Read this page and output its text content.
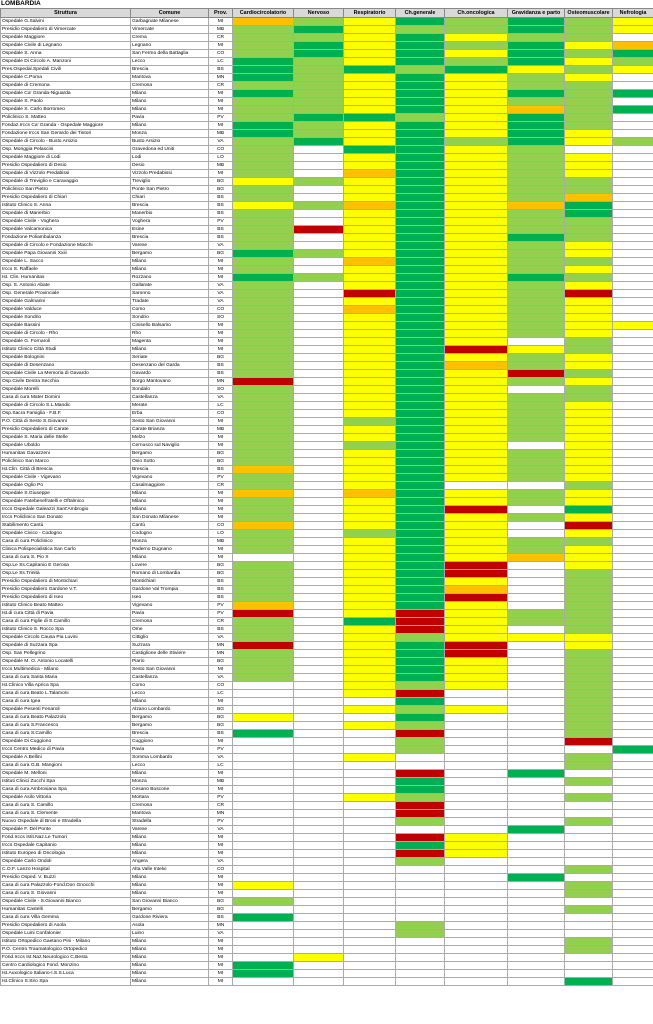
LOMBARDIA
Struttura	Comune	Prov.	Cardiocircolatorio	Nervoso	Respiratorio	Ch.generale	Ch.oncologica	Gravidanza e parto	Osteomuscolare	Nefrologia
Ospedale G.Salvini	Garbagnate Milanese	MI								
Presidio Ospedaliero di Vimercate	Vimercate	MB								
Ospedale Maggiore	Crema	CR								
Ospedale Civile di Legnano	Legnano	MI								
Ospedale S. Anna	San Fermo della Battaglia	CO								
Ospedale Di Circolo A. Manzoni	Lecco	LC								
Pres.Ospedal.Spedali Civili	Brescia	BS								
Ospedale C.Poma	Mantova	MN								
Ospedale di Cremona	Cremona	CR								
Ospedale Ca' Granda-Niguarda	Milano	MI								
Ospedale S. Paolo	Milano	MI								
Ospedale S. Carlo Borromeo	Milano	MI								
Policlinico S. Matteo	Pavia	PV								
Fondaz.Irccs Ca' Granda - Ospedale Maggiore	Milano	MI								
Fondazione Irccs San Gerardo dei Tintori	Monza	MB								
Ospedale di Circolo - Busto Arsizio	Busto Arsizio	VA								
Osp. Moriggia Pelascini	Gravedona ed Uniti	CO								
Ospedale Maggiore di Lodi	Lodi	LO								
Presidio Ospedaliero di Desio	Desio	MB								
Ospedale di Vizzolo Predabissi	Vizzolo Predabissi	MI								
Ospedale di Treviglio e Caravaggio	Treviglio	BG								
Policlinico San Pietro	Ponte San Pietro	BG								
Presidio Ospedaliero di Chiari	Chiari	BS								
Istituto Clinico S. Anna	Brescia	BS								
Ospedale di Manerbio	Manerbio	BS								
Ospedale Civile - Voghera	Voghera	PV								
Ospedale Valcamonica	Esine	BS								
Fondazione Poliambulanza	Brescia	BS								
Ospedale di Circolo e Fondazione Macchi	Varese	VA								
Ospedale Papa Giovanni Xxiii	Bergamo	BG								
Ospedale L. Sacco	Milano	MI								
Irccs S. Raffaele	Milano	MI								
Ist. Clin. Humanitas	Rozzano	MI								
Osp. S. Antonio Abate	Gallarate	VA								
Osp. Generale Provinciale	Saronno	VA								
Ospedale Galmarini	Tradate	VA								
Ospedale Valduce	Como	CO								
Ospedale Sondrio	Sondrio	SO								
Ospedale Bassini	Cinisello Balsamo	MI								
Ospedale di Circolo - Rho	Rho	MI								
Ospedale G. Fornaroli	Magenta	MI								
Istituto Clinico Città Studi	Milano	MI								
Ospedale Bolognini	Seriate	BG								
Ospedale di Desenzano	Desenzano del Garda	BS								
Ospedale Civile La Memoria di Gavardo	Gavardo	BS								
Osp.Civile Destra Secchia	Borgo Mantovano	MN								
Ospedale Morelli	Sondalo	SO								
Casa di cura Mater Domini	Castellanza	VA								
Ospedale di Circolo S.L.Mandic	Merate	LC								
Osp.Sacra Famiglia - F.B.F.	Erba	CO								
P.O. Città di Sesto S.Giovanni	Sesto San Giovanni	MI								
Presidio Ospedaliero di Carate	Carate Brianza	MB								
Ospedale S. Maria delle Stelle	Melzo	MI								
Ospedale Uboldo	Cernusco sul Naviglio	MI								
Humanitas Gavazzeni	Bergamo	BG								
Policlinico San Marco	Osio Sotto	BG								
Ist.Clin. Città di Brescia	Brescia	BS								
Ospedale Civile - Vigevano	Vigevano	PV								
Ospedale Oglio Po	Casalmaggiore	CR								
Ospedale S.Giuseppe	Milano	MI								
Ospedale Fatebenefratelli e Oftalmico	Milano	MI								
Irccs Ospedale Galeazzi Sant'Ambrogio	Milano	MI								
Irccs Policlinico San Donato	San Donato Milanese	MI								
Stabilimento Cantù	Cantù	CO								
Ospedale Civico - Codogno	Codogno	LO								
Casa di cura Policlinico	Monza	MB								
Clinica Polispecialistica San Carlo	Paderno Dugnano	MI								
Casa di cura S. Pio X	Milano	MI								
Osp.Le Ss.Capitanio E Gerosa	Lovere	BG								
Osp.Le Ss.Trinità	Romano di Lombardia	BG								
Presidio Ospedaliero di Montichiari	Montichiari	BS								
Presidio Ospedaliero Gardone V.T.	Gardone Val Trompia	BS								
Presidio Ospedaliero di Iseo	Iseo	BS								
Istituto Clinico Beato Matteo	Vigevano	PV								
Ist.di cura Città di Pavia	Pavia	PV								
Casa di cura Figlie di S.Camillo	Cremona	CR								
Istituto Clinico S. Rocco Spa	Ome	BS								
Ospedale Circolo Causa Pia Luvini	Cittiglio	VA								
Ospedale di Suzzara Spa	Suzzara	MN								
Osp. San Pellegrino	Castiglione delle Stiviere	MN								
Ospedale M. O. Antonio Locatelli	Piario	BG								
Irccs Multimedica - Milano	Sesto San Giovanni	MI								
Casa di cura Santa Maria	Castellanza	VA								
Ist.Clinico Villa Aprica Spa	Como	CO								
Casa di cura Beato L.Talamoni	Lecco	LC								
Casa di cura Igea	Milano	MI								
Ospedale Pesenti Fenaroli	Alzano Lombardo	BG								
Casa di cura Beato Palazzolo	Bergamo	BG								
Casa di cura S.Francesco	Bergamo	BG								
Casa di cura S.Camillo	Brescia	BS								
Ospedale Di Cuggiono	Cuggiono	MI								
Irccs Centro Medico di Pavia	Pavia	PV								
Ospedale A.Bellini	Somma Lombardo	VA								
Casa di cura G.B. Mangioni	Lecco	LC								
Ospedale M. Melloni	Milano	MI								
Istituti Clinici Zucchi Spa	Monza	MB								
Casa di cura Ambrosiana Spa	Cesano Boscone	MI								
Ospedale Asilo Vittoria	Mortara	PV								
Casa di cura S. Camillo	Cremona	CR								
Casa di cura S. Clemente	Mantova	MN								
Nuovo Ospedale di Broni e Stradella	Stradella	PV								
Ospedale F. Del Ponte	Varese	VA								
Fond.Irccs Istit.Naz.Le Tumori	Milano	MI								
Irccs Ospedale Capitanio	Milano	MI								
Istituto Europeo di Oncologia	Milano	MI								
Ospedale Carlo Ondoli	Angera	VA								
C.O.F. Lanzo Hospital	Alta Valle Intelvi	CO								
Presidio Osped. V. Buzzi	Milano	MI								
Casa di cura Palazzolo-Fond.Don Gnocchi	Milano	MI								
Casa di cura S. Giovanni	Milano	MI								
Ospedale Civile - S.Giovanni Bianco	San Giovanni Bianco	BG								
Humanitas Castelli	Bergamo	BG								
Casa di cura Villa Gemma	Gardone Riviera	BS								
Presidio Ospedaliero di Asola	Asola	MN								
Ospedale Luini Confalonier	Luino	VA								
Istituto Ortopedico Gaetano Pini - Milano	Milano	MI								
P.O. Centro Traumatologico Ortopedico	Milano	MI								
Fond.Irccs Ist.Naz.Neurologico C.Besta	Milano	MI								
Centro Cardiologico Fond. Monzino	Milano	MI								
Ist.Auxologico Italiano-I.S.S.Luca	Milano	MI								
Ist.Clinico S.Siro Spa	Milano	MI								
